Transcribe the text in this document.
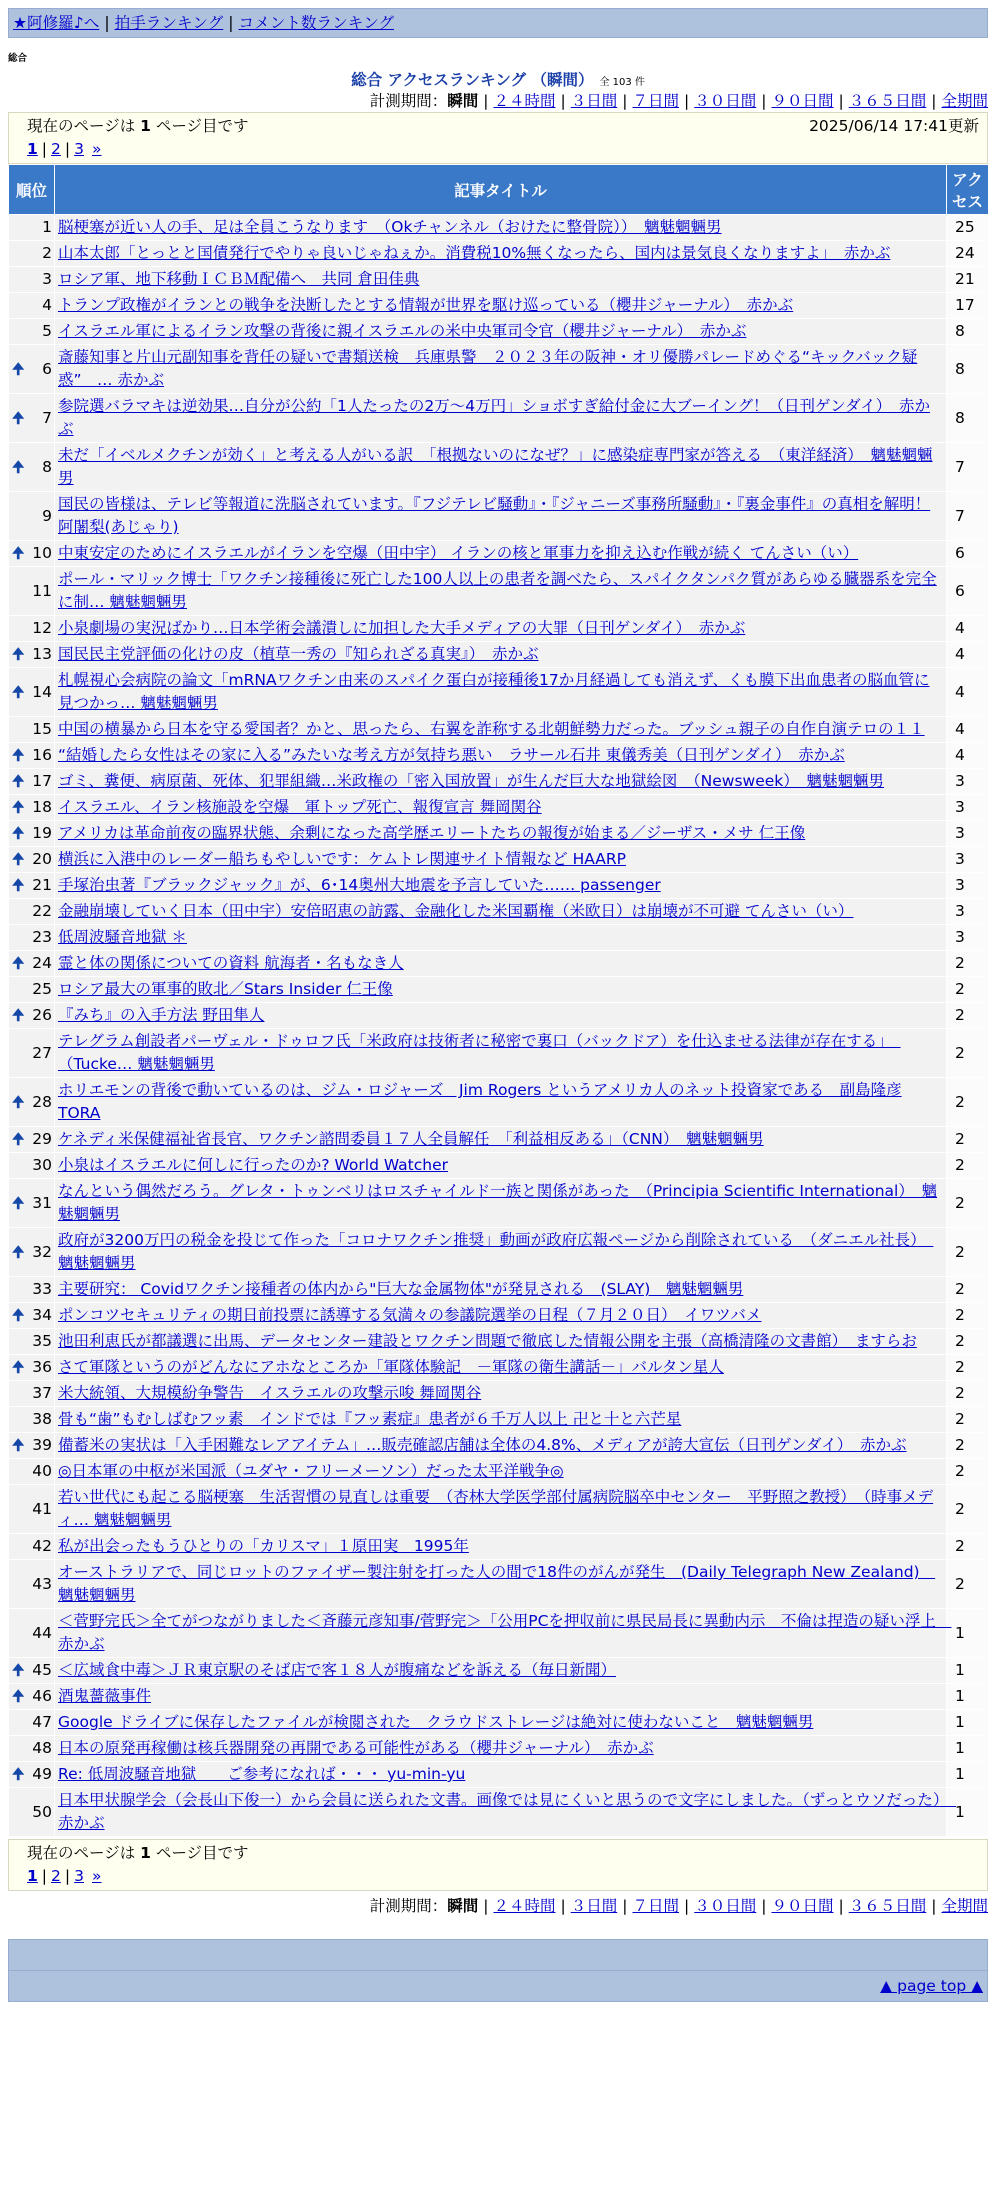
★阿修羅♪へ | 拍手ランキング | コメント数ランキング
総合
総合 アクセスランキング （瞬間） 全 103 件
計測期間：瞬間 | ２４時間 | ３日間 | ７日間 | ３０日間 | ９０日間 | ３６５日間 | 全期間
現在のページは 1 ページ目です	2025/06/14 17:41更新
1 | 2 | 3 »
順位	記事タイトル	アクセス
1	脳梗塞が近い人の手、足は全員こうなります　（Okチャンネル（おけたに整骨院））　魑魅魍魎男	25
2	山本太郎「とっとと国債発行でやりゃ良いじゃねぇか。消費税10%無くなったら、国内は景気良くなりますよ」　赤かぶ	24
3	ロシア軍、地下移動ＩＣＢＭ配備へ　共同 倉田佳典	21
4	トランプ政権がイランとの戦争を決断したとする情報が世界を駆け巡っている（櫻井ジャーナル）　赤かぶ	17
5	イスラエル軍によるイラン攻撃の背後に親イスラエルの米中央軍司令官（櫻井ジャーナル）　赤かぶ	8

🠉 6	斎藤知事と片山元副知事を背任の疑いで書類送検　兵庫県警　２０２３年の阪神・オリ優勝パレードめぐる“キックバック疑惑”　… 赤かぶ	8

🠉 7	参院選バラマキは逆効果…自分が公約「1人たったの2万〜4万円」ショボすぎ給付金に大ブーイング！（日刊ゲンダイ）　赤かぶ	8

🠉 8	未だ「イベルメクチンが効く」と考える人がいる訳　「根拠ないのになぜ？」に感染症専門家が答える　（東洋経済）　魑魅魍魎男	7
9	国民の皆様は、テレビ等報道に洗脳されています。『フジテレビ騒動』・『ジャニーズ事務所騒動』・『裏金事件』の真相を解明！ 阿闍梨(あじゃり)	7

🠉 10	中東安定のためにイスラエルがイランを空爆（田中宇） イランの核と軍事力を抑え込む作戦が続く てんさい（い）	6
11	ポール・マリック博士「ワクチン接種後に死亡した100人以上の患者を調べたら、スパイクタンパク質があらゆる臓器系を完全に制… 魑魅魍魎男	6
12	小泉劇場の実況ばかり…日本学術会議潰しに加担した大手メディアの大罪（日刊ゲンダイ）　赤かぶ	4

🠉 13	国民民主党評価の化けの皮（植草一秀の『知られざる真実』）　赤かぶ	4

🠉 14	札幌視心会病院の論文「mRNAワクチン由来のスパイク蛋白が接種後17か月経過しても消えず、くも膜下出血患者の脳血管に見つかっ… 魑魅魍魎男	4
15	中国の横暴から日本を守る愛国者？かと、思ったら、右翼を詐称する北朝鮮勢力だった。ブッシュ親子の自作自演テロの１１	4

🠉 16	“結婚したら女性はその家に入る”みたいな考え方が気持ち悪い　ラサール石井 東儀秀美（日刊ゲンダイ）　赤かぶ	4

🠉 17	ゴミ、糞便、病原菌、死体、犯罪組織…米政権の「密入国放置」が生んだ巨大な地獄絵図　（Newsweek）　魑魅魍魎男	3

🠉 18	イスラエル、イラン核施設を空爆　軍トップ死亡、報復宣言 舞岡関谷	3

🠉 19	アメリカは革命前夜の臨界状態、余剰になった高学歴エリートたちの報復が始まる／ジーザス・メサ 仁王像	3

🠉 20	横浜に入港中のレーダー船ちもやしいです：ケムトレ関連サイト情報など HAARP	3

🠉 21	手塚治虫著『ブラックジャック』が、6･14奥州大地震を予言していた…… passenger	3
22	金融崩壊していく日本（田中宇）安倍昭恵の訪露、金融化した米国覇権（米欧日）は崩壊が不可避 てんさい（い）	3
23	低周波騒音地獄 ＊	3

🠉 24	霊と体の関係についての資料 航海者・名もなき人	2
25	ロシア最大の軍事的敗北／Stars Insider 仁王像	2

🠉 26	『みち』の入手方法 野田隼人	2
27	テレグラム創設者パーヴェル・ドゥロフ氏「米政府は技術者に秘密で裏口（バックドア）を仕込ませる法律が存在する」　（Tucke… 魑魅魍魎男	2

🠉 28	ホリエモンの背後で動いているのは、ジム・ロジャーズ　Jim Rogers というアメリカ人のネット投資家である　副島隆彦 TORA	2

🠉 29	ケネディ米保健福祉省長官、ワクチン諮問委員１７人全員解任　「利益相反ある」（CNN）　魑魅魍魎男	2
30	小泉はイスラエルに何しに行ったのか? World Watcher	2

🠉 31	なんという偶然だろう。グレタ・トゥンベリはロスチャイルド一族と関係があった　（Principia Scientific International）　魑魅魍魎男	2

🠉 32	政府が3200万円の税金を投じて作った「コロナワクチン推奨」動画が政府広報ページから削除されている　（ダニエル社長）　魑魅魍魎男	2
33	主要研究： Covidワクチン接種者の体内から"巨大な金属物体"が発見される　(SLAY)　魑魅魍魎男	2

🠉 34	ポンコツセキュリティの期日前投票に誘導する気満々の参議院選挙の日程（７月２０日）　イワツバメ	2
35	池田利恵氏が都議選に出馬、データセンター建設とワクチン問題で徹底した情報公開を主張（高橋清隆の文書館）　ますらお	2

🠉 36	さて軍隊というのがどんなにアホなところか「軍隊体験記　－軍隊の衛生講話－」バルタン星人	2
37	米大統領、大規模紛争警告　イスラエルの攻撃示唆 舞岡関谷	2
38	骨も“歯”もむしばむフッ素　インドでは『フッ素症』患者が６千万人以上 卍と十と六芒星	2

🠉 39	備蓄米の実状は「入手困難なレアアイテム」…販売確認店舗は全体の4.8%、メディアが誇大宣伝（日刊ゲンダイ）　赤かぶ	2
40	◎日本軍の中枢が米国派（ユダヤ・フリーメーソン）だった太平洋戦争◎	2
41	若い世代にも起こる脳梗塞　生活習慣の見直しは重要　（杏林大学医学部付属病院脳卒中センター　平野照之教授）　（時事メディ… 魑魅魍魎男	2
42	私が出会ったもうひとりの「カリスマ」１原田実　1995年	2
43	オーストラリアで、同じロットのファイザー製注射を打った人の間で18件のがんが発生　(Daily Telegraph New Zealand)　魑魅魍魎男	2
44	＜菅野完氏＞全てがつながりました＜斉藤元彦知事/菅野完＞「公用PCを押収前に県民局長に異動内示　不倫は捏造の疑い浮上　赤かぶ	1

🠉 45	＜広域食中毒＞ＪＲ東京駅のそば店で客１８人が腹痛などを訴える（毎日新聞）	1

🠉 46	酒鬼薔薇事件	1
47	Google ドライブに保存したファイルが検閲された　クラウドストレージは絶対に使わないこと　魑魅魍魎男	1
48	日本の原発再稼働は核兵器開発の再開である可能性がある（櫻井ジャーナル）　赤かぶ	1

🠉 49	Re: 低周波騒音地獄　　ご参考になれば・・・ yu-min-yu	1
50	日本甲状腺学会（会長山下俊一）から会員に送られた文書。画像では見にくいと思うので文字にしました。（ずっとウソだった）　赤かぶ	1
現在のページは 1 ページ目です
1 | 2 | 3 »
計測期間：瞬間 | ２４時間 | ３日間 | ７日間 | ３０日間 | ９０日間 | ３６５日間 | 全期間
▲ page top ▲
